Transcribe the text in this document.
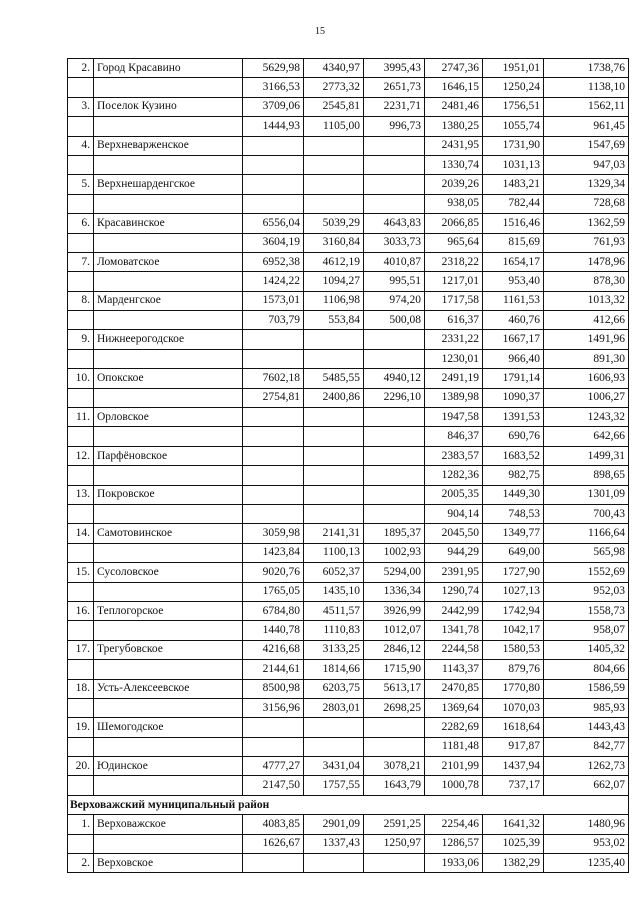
15
2.	Город Красавино	5629,98	4340,97	3995,43	2747,36	1951,01	1738,76
		3166,53	2773,32	2651,73	1646,15	1250,24	1138,10
3.	Поселок Кузино	3709,06	2545,81	2231,71	2481,46	1756,51	1562,11
		1444,93	1105,00	996,73	1380,25	1055,74	961,45
4.	Верхневарженское				2431,95	1731,90	1547,69
					1330,74	1031,13	947,03
5.	Верхнешарденгское				2039,26	1483,21	1329,34
					938,05	782,44	728,68
6.	Красавинское	6556,04	5039,29	4643,83	2066,85	1516,46	1362,59
		3604,19	3160,84	3033,73	965,64	815,69	761,93
7.	Ломоватское	6952,38	4612,19	4010,87	2318,22	1654,17	1478,96
		1424,22	1094,27	995,51	1217,01	953,40	878,30
8.	Марденгское	1573,01	1106,98	974,20	1717,58	1161,53	1013,32
		703,79	553,84	500,08	616,37	460,76	412,66
9.	Нижнеерогодское				2331,22	1667,17	1491,96
					1230,01	966,40	891,30
10.	Опокское	7602,18	5485,55	4940,12	2491,19	1791,14	1606,93
		2754,81	2400,86	2296,10	1389,98	1090,37	1006,27
11.	Орловское				1947,58	1391,53	1243,32
					846,37	690,76	642,66
12.	Парфёновское				2383,57	1683,52	1499,31
					1282,36	982,75	898,65
13.	Покровское				2005,35	1449,30	1301,09
					904,14	748,53	700,43
14.	Самотовинское	3059,98	2141,31	1895,37	2045,50	1349,77	1166,64
		1423,84	1100,13	1002,93	944,29	649,00	565,98
15.	Сусоловское	9020,76	6052,37	5294,00	2391,95	1727,90	1552,69
		1765,05	1435,10	1336,34	1290,74	1027,13	952,03
16.	Теплогорское	6784,80	4511,57	3926,99	2442,99	1742,94	1558,73
		1440,78	1110,83	1012,07	1341,78	1042,17	958,07
17.	Трегубовское	4216,68	3133,25	2846,12	2244,58	1580,53	1405,32
		2144,61	1814,66	1715,90	1143,37	879,76	804,66
18.	Усть-Алексеевское	8500,98	6203,75	5613,17	2470,85	1770,80	1586,59
		3156,96	2803,01	2698,25	1369,64	1070,03	985,93
19.	Шемогодское				2282,69	1618,64	1443,43
					1181,48	917,87	842,77
20.	Юдинское	4777,27	3431,04	3078,21	2101,99	1437,94	1262,73
		2147,50	1757,55	1643,79	1000,78	737,17	662,07
Верховажский муниципальный район							
1.	Верховажское	4083,85	2901,09	2591,25	2254,46	1641,32	1480,96
		1626,67	1337,43	1250,97	1286,57	1025,39	953,02
2.	Верховское				1933,06	1382,29	1235,40
